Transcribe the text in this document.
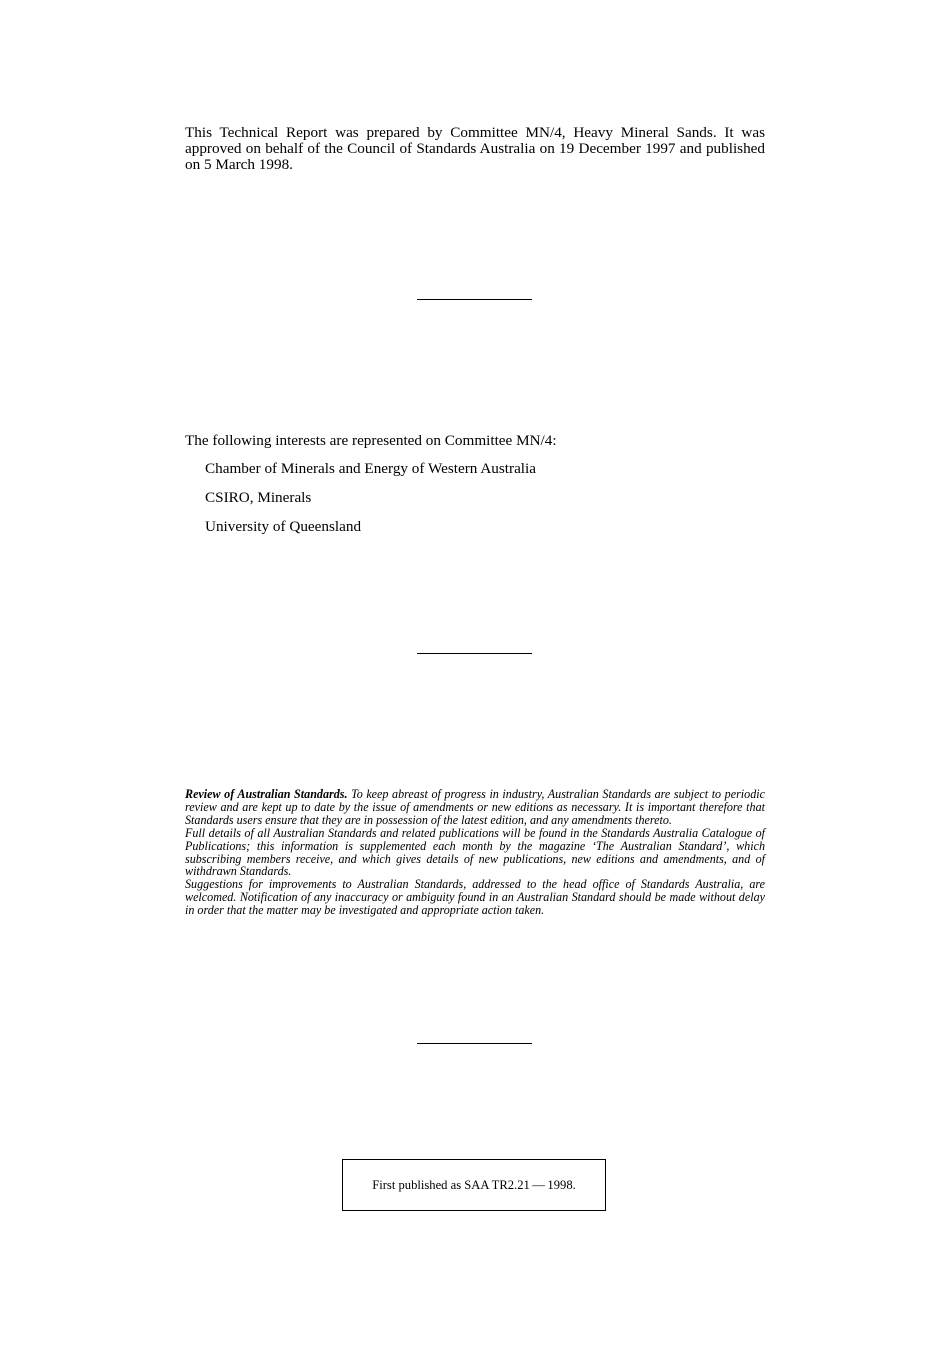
This Technical Report was prepared by Committee MN/4, Heavy Mineral Sands. It was approved on behalf of the Council of Standards Australia on 19 December 1997 and published on 5 March 1998.
The following interests are represented on Committee MN/4:
Chamber of Minerals and Energy of Western Australia
CSIRO, Minerals
University of Queensland

Review of Australian Standards. To keep abreast of progress in industry, Australian Standards are subject to periodic review and are kept up to date by the issue of amendments or new editions as necessary. It is important therefore that Standards users ensure that they are in possession of the latest edition, and any amendments thereto.

Full details of all Australian Standards and related publications will be found in the Standards Australia Catalogue of Publications; this information is supplemented each month by the magazine ‘The Australian Standard’, which subscribing members receive, and which gives details of new publications, new editions and amendments, and of withdrawn Standards.

Suggestions for improvements to Australian Standards, addressed to the head office of Standards Australia, are welcomed. Notification of any inaccuracy or ambiguity found in an Australian Standard should be made without delay in order that the matter may be investigated and appropriate action taken.

First published as SAA TR2.21 — 1998.
